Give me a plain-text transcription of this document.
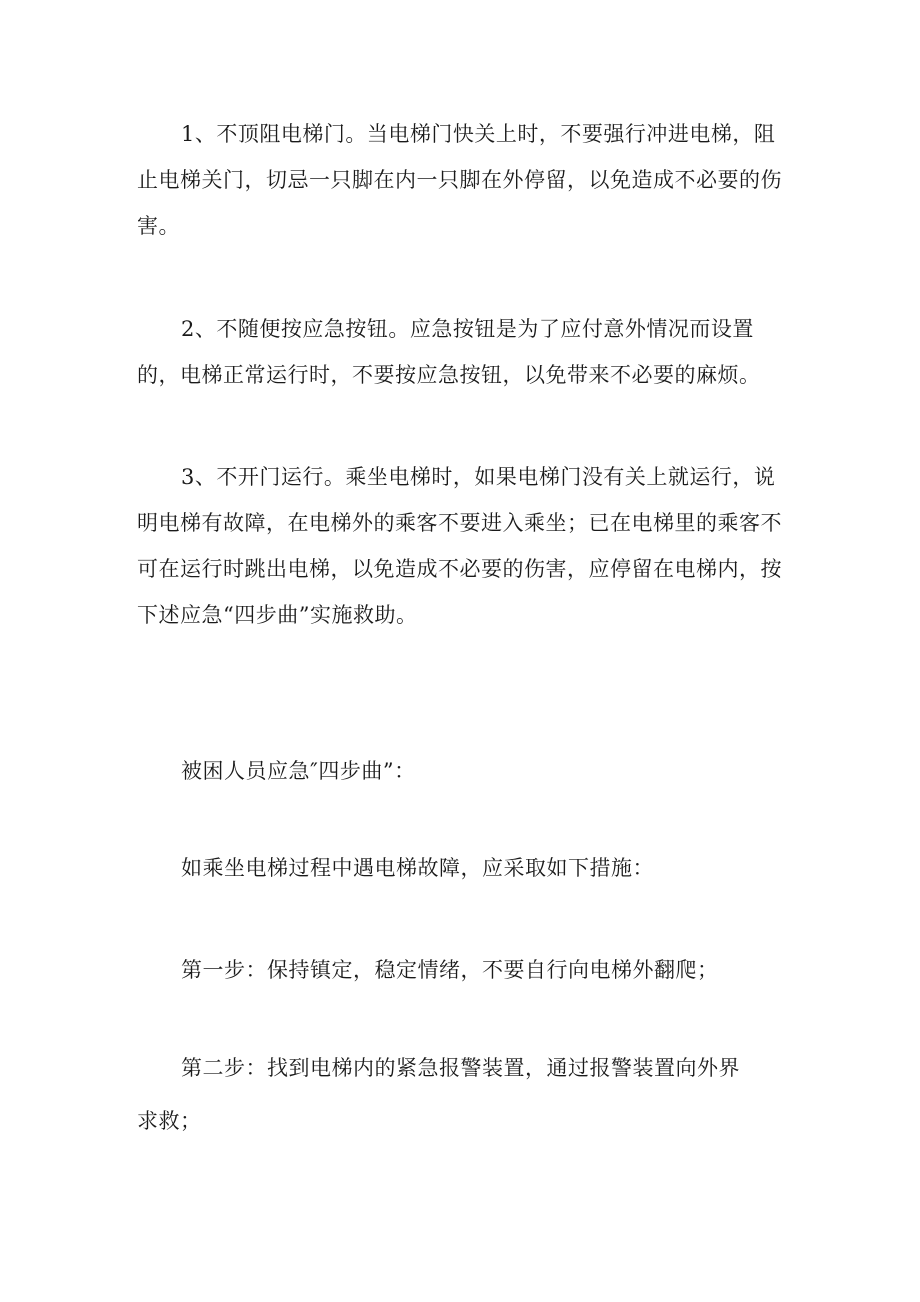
1、不顶阻电梯门。当电梯门快关上时，不要强行冲进电梯，阻

止电梯关门，切忌一只脚在内一只脚在外停留，以免造成不必要的伤

害。

2、不随便按应急按钮。应急按钮是为了应付意外情况而设置

的，电梯正常运行时，不要按应急按钮，以免带来不必要的麻烦。

3、不开门运行。乘坐电梯时，如果电梯门没有关上就运行，说

明电梯有故障，在电梯外的乘客不要进入乘坐；已在电梯里的乘客不

可在运行时跳出电梯，以免造成不必要的伤害，应停留在电梯内，按

下述应急“四步曲”实施救助。

被困人员应急″四步曲”：

如乘坐电梯过程中遇电梯故障，应采取如下措施：

第一步：保持镇定，稳定情绪，不要自行向电梯外翻爬；

第二步：找到电梯内的紧急报警装置，通过报警装置向外界

求救；
